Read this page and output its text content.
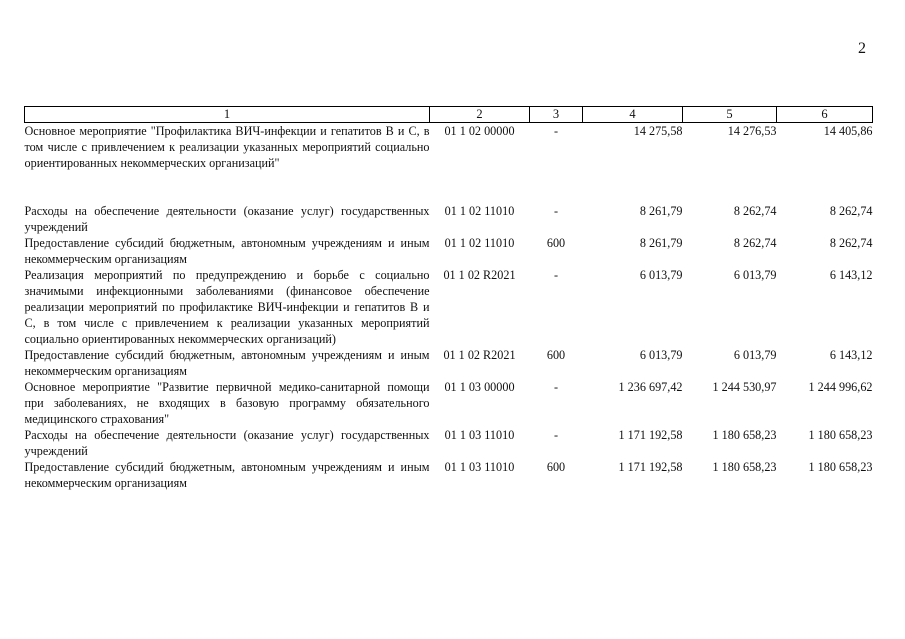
2
1	2	3	4	5	6
Основное мероприятие "Профилактика ВИЧ-инфекции и гепатитов В и С, в том числе с привлечением к реализации указанных мероприятий социально ориентированных некоммерческих организаций"	01 1 02 00000	-	14 275,58	14 276,53	14 405,86
Расходы на обеспечение деятельности (оказание услуг) государственных учреждений	01 1 02 11010	-	8 261,79	8 262,74	8 262,74
Предоставление субсидий бюджетным, автономным учреждениям и иным некоммерческим организациям	01 1 02 11010	600	8 261,79	8 262,74	8 262,74
Реализация мероприятий по предупреждению и борьбе с социально значимыми инфекционными заболеваниями (финансовое обеспечение реализации мероприятий по профилактике ВИЧ-инфекции и гепатитов В и С, в том числе с привлечением к реализации указанных мероприятий социально ориентированных некоммерческих организаций)	01 1 02 R2021	-	6 013,79	6 013,79	6 143,12
Предоставление субсидий бюджетным, автономным учреждениям и иным некоммерческим организациям	01 1 02 R2021	600	6 013,79	6 013,79	6 143,12
Основное мероприятие "Развитие первичной медико-санитарной помощи при заболеваниях, не входящих в базовую программу обязательного медицинского страхования"	01 1 03 00000	-	1 236 697,42	1 244 530,97	1 244 996,62
Расходы на обеспечение деятельности (оказание услуг) государственных учреждений	01 1 03 11010	-	1 171 192,58	1 180 658,23	1 180 658,23
Предоставление субсидий бюджетным, автономным учреждениям и иным некоммерческим организациям	01 1 03 11010	600	1 171 192,58	1 180 658,23	1 180 658,23
